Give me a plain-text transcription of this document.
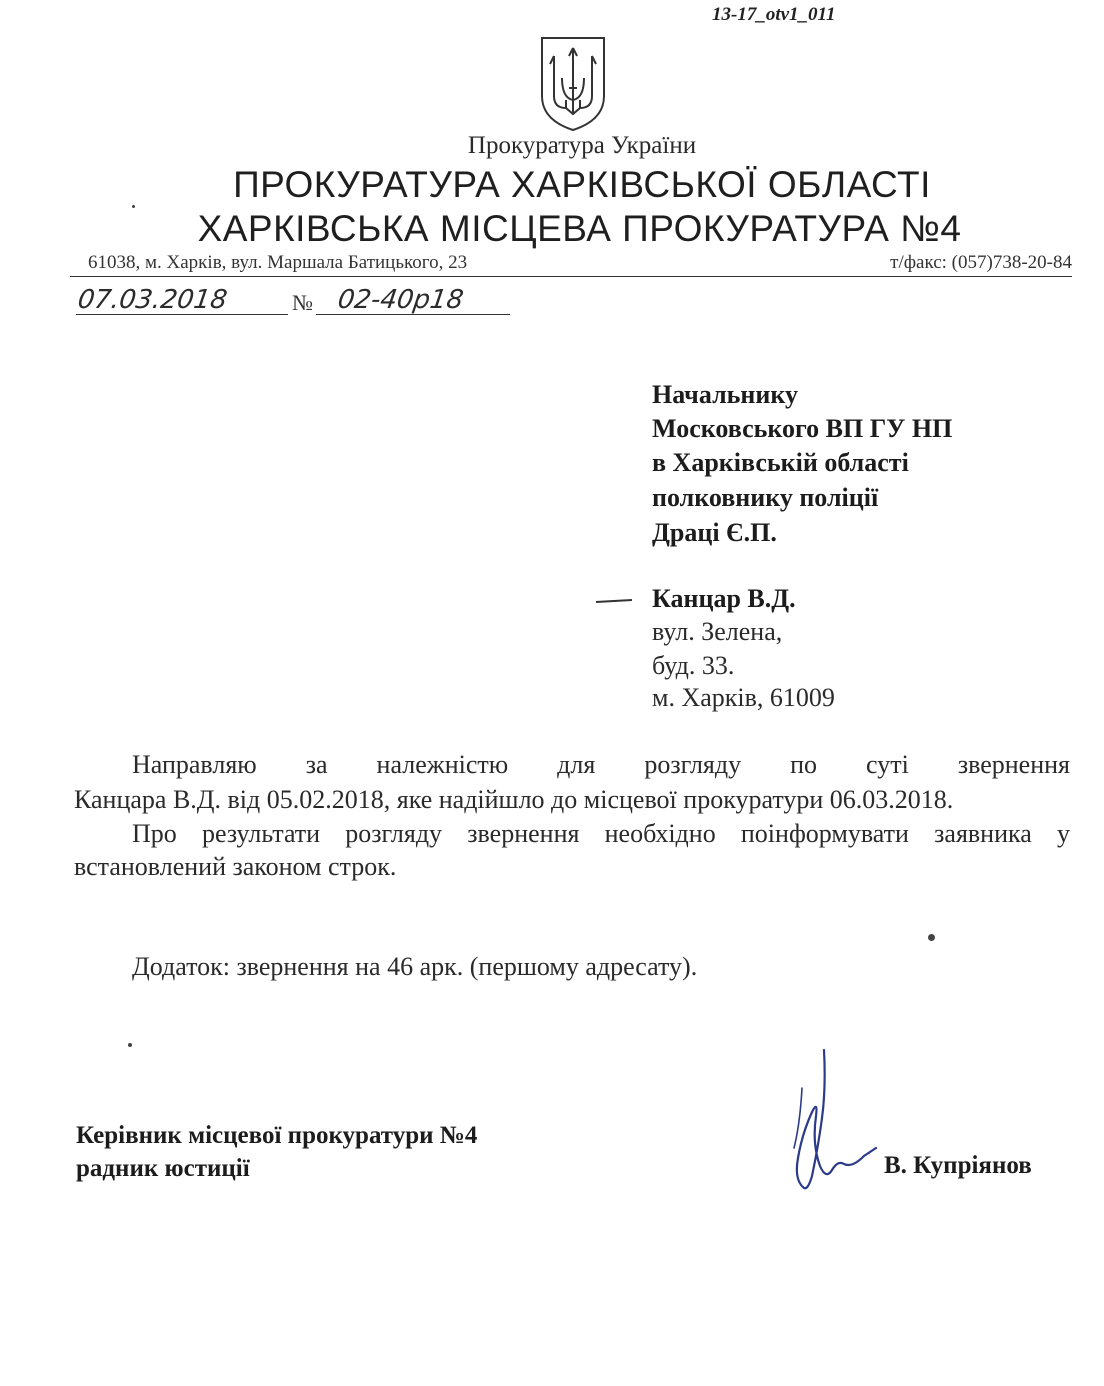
13-17_otv1_011
Прокуратура України
ПРОКУРАТУРА ХАРКІВСЬКОЇ ОБЛАСТІ
ХАРКІВСЬКА МІСЦЕВА ПРОКУРАТУРА №4
61038, м. Харків, вул. Маршала Батицького, 23	т/факс: (057)738-20-84
07.03.2018	№ 02-40р18
Начальнику
Московського ВП ГУ НП
в Харківській області
полковнику поліції
Драці Є.П.
Канцар В.Д.
вул. Зелена,
буд. 33.
м. Харків, 61009
Направляю за належністю для розгляду по суті звернення
Канцара В.Д. від 05.02.2018, яке надійшло до місцевої прокуратури 06.03.2018.
Про результати розгляду звернення необхідно поінформувати заявника у
встановлений законом строк.
Додаток: звернення на 46 арк. (першому адресату).
Керівник місцевої прокуратури №4
радник юстиції	В. Купріянов
